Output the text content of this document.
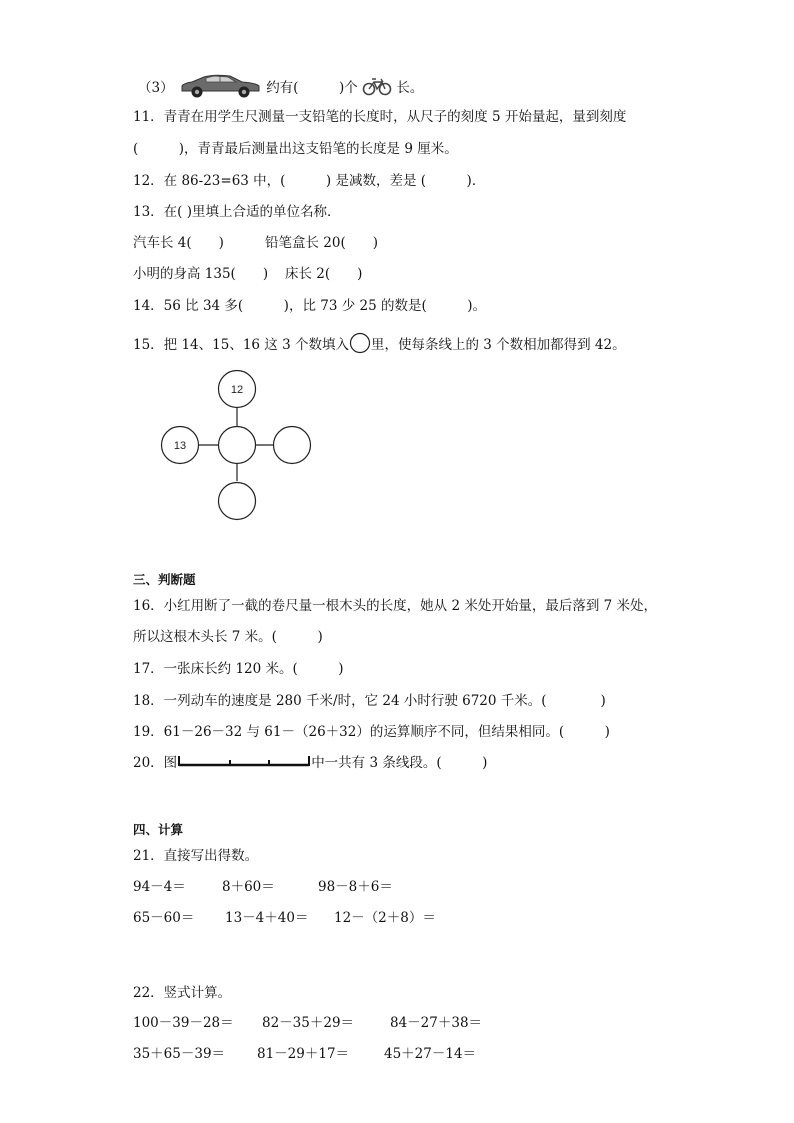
（3）	约有(　　　)个	长。
11．青青在用学生尺测量一支铅笔的长度时，从尺子的刻度 5 开始量起，量到刻度
(　　　)，青青最后测量出这支铅笔的长度是 9 厘米。
12．在 86-23=63 中，(　　　) 是减数，差是 (　　　)．
13．在( )里填上合适的单位名称．
汽车长 4(　　)	铅笔盒长 20(　　)
小明的身高 135(　　) 床长 2(　　)
14．56 比 34 多(　　　)，比 73 少 25 的数是(　　　)。
15．把 14、15、16 这 3 个数填入 里，使每条线上的 3 个数相加都得到 42。
12
13
三、判断题
16．小红用断了一截的卷尺量一根木头的长度，她从 2 米处开始量，最后落到 7 米处，
所以这根木头长 7 米。(　　　)
17．一张床长约 120 米。(　　　)
18．一列动车的速度是 280 千米/时，它 24 小时行驶 6720 千米。(　　　　)
19．61－26－32 与 61－（26＋32）的运算顺序不同，但结果相同。(　　　)
20．图	中一共有 3 条线段。(　　　)
四、计算
21．直接写出得数。
94－4＝	8＋60＝	98－8＋6＝
65－60＝ 13－4＋40＝ 12－（2＋8）＝
22．竖式计算。
100－39－28＝ 82－35＋29＝	84－27＋38＝
35＋65－39＝ 81－29＋17＝	45＋27－14＝
